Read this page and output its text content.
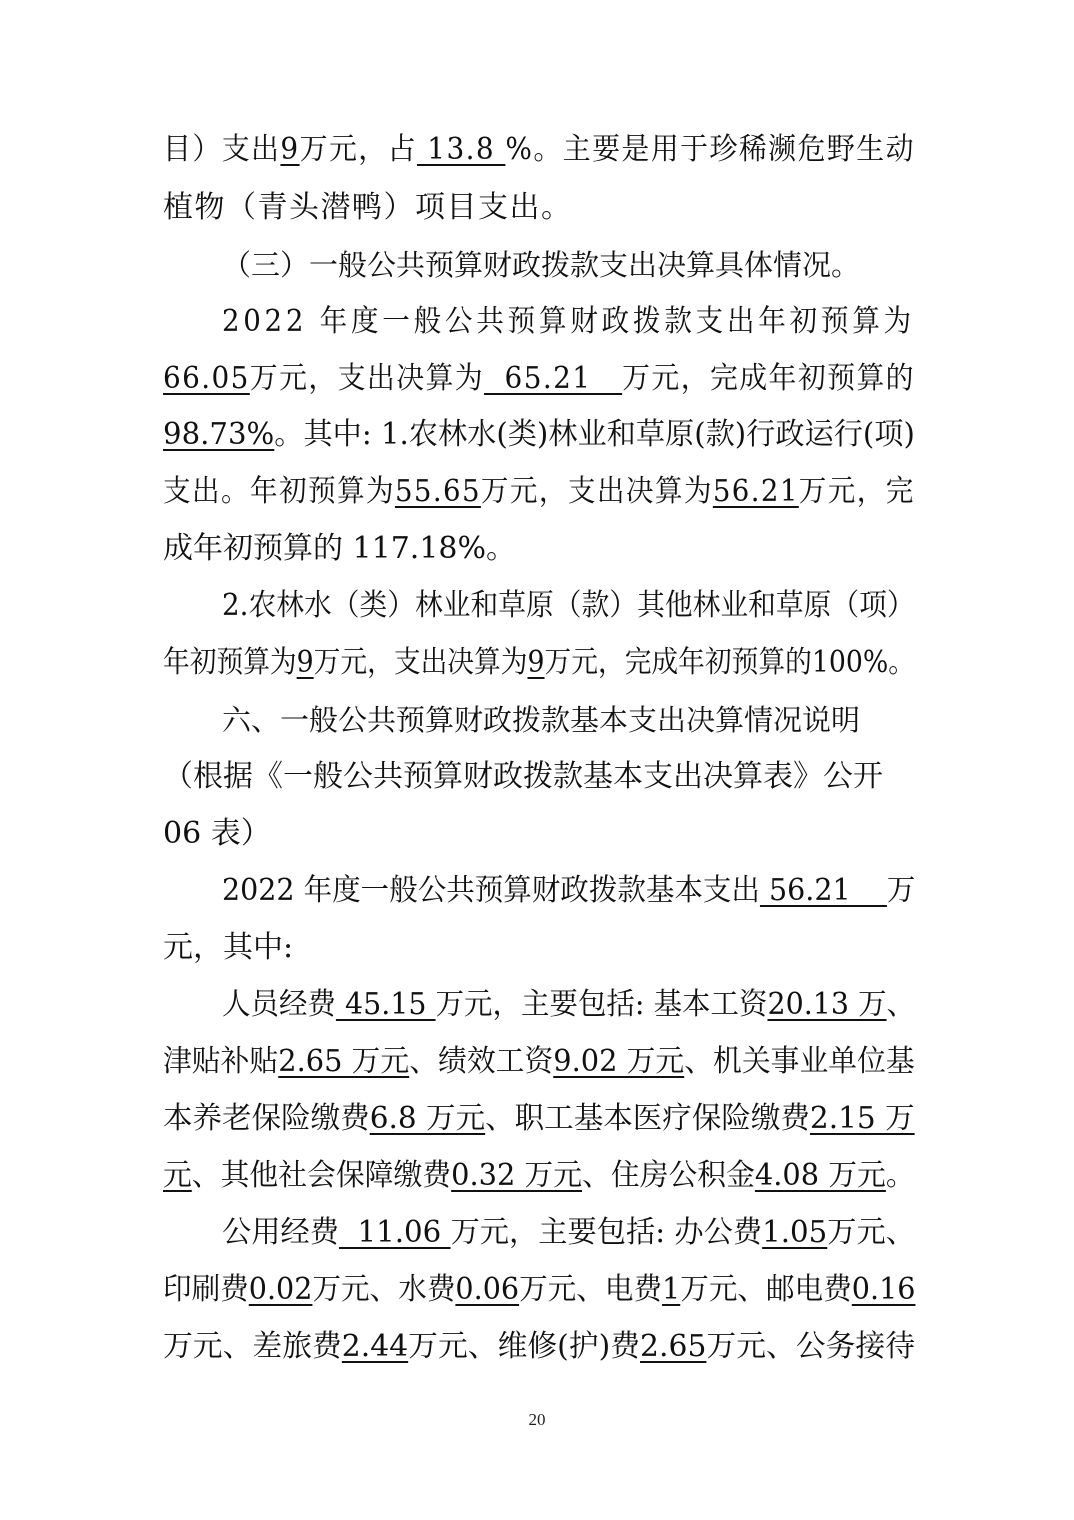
目）支出9万元，占 13.8 %。主要是用于珍稀濒危野生动
植物（青头潜鸭）项目支出。
（三）一般公共预算财政拨款支出决算具体情况。
2022 年度一般公共预算财政拨款支出年初预算为
66.05万元，支出决算为  65.21   万元，完成年初预算的
98.73%。其中: 1.农林水(类)林业和草原(款)行政运行(项)
支出。年初预算为55.65万元，支出决算为56.21万元，完
成年初预算的 117.18%。
2.农林水（类）林业和草原（款）其他林业和草原（项）
年初预算为9万元，支出决算为9万元，完成年初预算的100%。
六、一般公共预算财政拨款基本支出决算情况说明
（根据《一般公共预算财政拨款基本支出决算表》公开
06 表）
2022 年度一般公共预算财政拨款基本支出 56.21    万
元，其中:
人员经费 45.15 万元，主要包括: 基本工资20.13 万、
津贴补贴2.65 万元、绩效工资9.02 万元、机关事业单位基
本养老保险缴费6.8 万元、职工基本医疗保险缴费2.15 万
元、其他社会保障缴费0.32 万元、住房公积金4.08 万元。
公用经费  11.06 万元，主要包括: 办公费1.05万元、
印刷费0.02万元、水费0.06万元、电费1万元、邮电费0.16
万元、差旅费2.44万元、维修(护)费2.65万元、公务接待
20
